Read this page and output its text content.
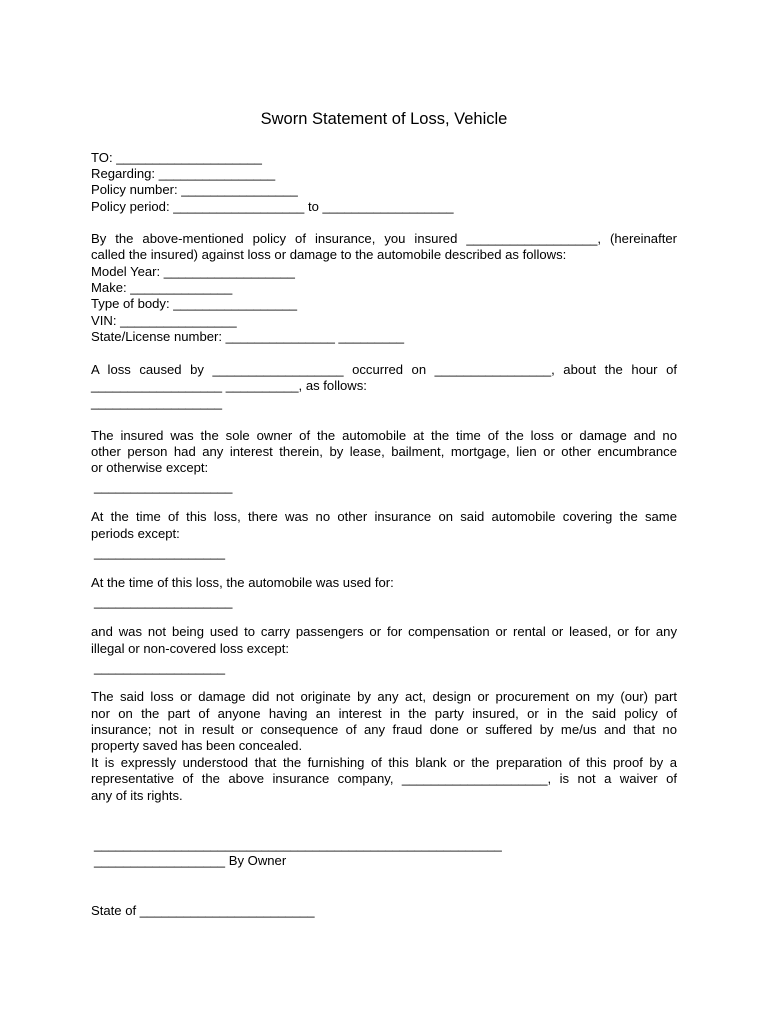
Sworn Statement of Loss, Vehicle
TO: ____________________
Regarding: ________________
Policy number: ________________
Policy period: __________________ to __________________
By the above-mentioned policy of insurance, you insured __________________, (hereinafter
called the insured) against loss or damage to the automobile described as follows:
Model Year: __________________
Make: ______________
Type of body: _________________
VIN: ________________
State/License number: _______________ _________
A loss caused by __________________ occurred on ________________, about the hour of
__________________ __________, as follows:
__________________
The insured was the sole owner of the automobile at the time of the loss or damage and no
other person had any interest therein, by lease, bailment, mortgage, lien or other encumbrance
or otherwise except:
___________________
At the time of this loss, there was no other insurance on said automobile covering the same
periods except:
__________________
At the time of this loss, the automobile was used for:
___________________
and was not being used to carry passengers or for compensation or rental or leased, or for any
illegal or non-covered loss except:
__________________
The said loss or damage did not originate by any act, design or procurement on my (our) part
nor on the part of anyone having an interest in the party insured, or in the said policy of
insurance; not in result or consequence of any fraud done or suffered by me/us and that no
property saved has been concealed.
It is expressly understood that the furnishing of this blank or the preparation of this proof by a
representative of the above insurance company, ____________________, is not a waiver of
any of its rights.
________________________________________________________
__________________ By Owner
State of ________________________
